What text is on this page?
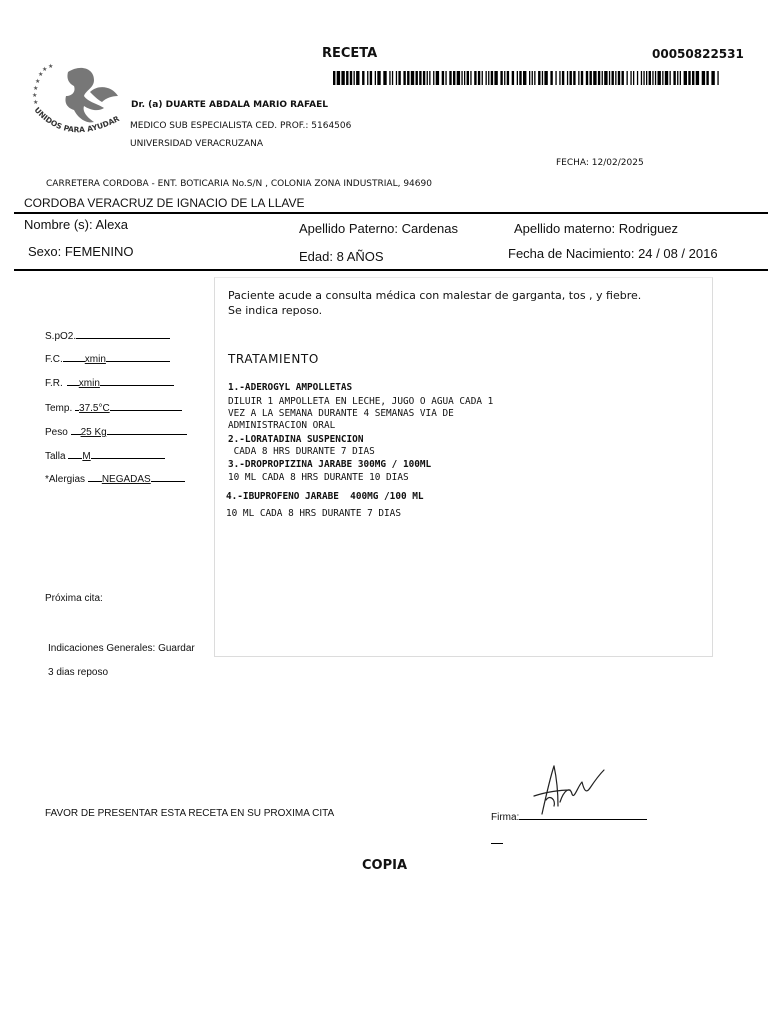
RECETA	00050822531
★
★
★
★
★
★ ★
UNIDOS PARA AYUDAR
Dr. (a) DUARTE ABDALA MARIO RAFAEL
MEDICO SUB ESPECIALISTA CED. PROF.: 5164506
UNIVERSIDAD VERACRUZANA
FECHA: 12/02/2025
CARRETERA CORDOBA - ENT. BOTICARIA No.S/N , COLONIA ZONA INDUSTRIAL, 94690
CORDOBA VERACRUZ DE IGNACIO DE LA LLAVE
Nombre (s): Alexa	Apellido Paterno: Cardenas	Apellido materno: Rodriguez
Sexo: FEMENINO	Edad: 8 AÑOS	Fecha de Nacimiento: 24 / 08 / 2016
S.pO2.
F.C. xmin
F.R. xmin
Temp. 37.5°C
Peso 25 Kg
Talla M
*Alergias NEGADAS
Próxima cita:
Indicaciones Generales: Guardar
3 dias reposo
Paciente acude a consulta médica con malestar de garganta, tos , y fiebre.
Se indica reposo.
TRATAMIENTO
1.-ADEROGYL AMPOLLETAS
DILUIR 1 AMPOLLETA EN LECHE, JUGO O AGUA CADA 1
VEZ A LA SEMANA DURANTE 4 SEMANAS VIA DE
ADMINISTRACION ORAL
2.-LORATADINA SUSPENCION
CADA 8 HRS DURANTE 7 DIAS
3.-DROPROPIZINA JARABE 300MG / 100ML
10 ML CADA 8 HRS DURANTE 10 DIAS
4.-IBUPROFENO JARABE  400MG /100 ML
10 ML CADA 8 HRS DURANTE 7 DIAS
FAVOR DE PRESENTAR ESTA RECETA EN SU PROXIMA CITA	Firma:
COPIA
